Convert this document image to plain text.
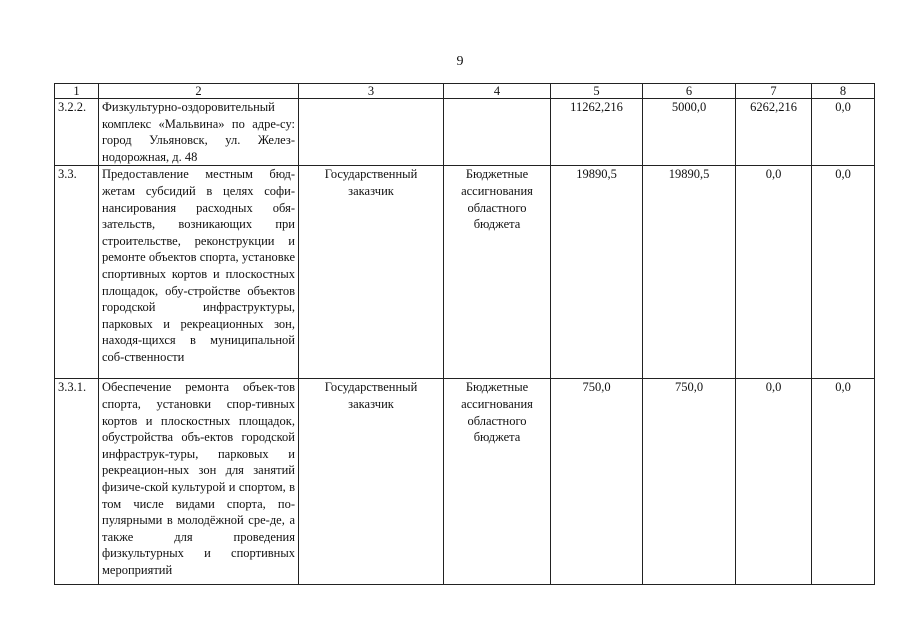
9
1	2	3	4	5	6	7	8
3.2.2.	Физкультурно-оздоровительный комплекс «Мальвина» по адре-су: город Ульяновск, ул. Желез-нодорожная, д. 48			11262,216	5000,0	6262,216	0,0
3.3.	Предоставление местным бюд-жетам субсидий в целях софи-нансирования расходных обя-зательств, возникающих при строительстве, реконструкции и ремонте объектов спорта, установке спортивных кортов и плоскостных площадок, обу-стройстве объектов городской инфраструктуры, парковых и рекреационных зон, находя-щихся в муниципальной соб-ственности	Государственный заказчик	Бюджетные ассигнования областного бюджета	19890,5	19890,5	0,0	0,0
3.3.1.	Обеспечение ремонта объек-тов спорта, установки спор-тивных кортов и плоскостных площадок, обустройства объ-ектов городской инфраструк-туры, парковых и рекреацион-ных зон для занятий физиче-ской культурой и спортом, в том числе видами спорта, по-пулярными в молодёжной сре-де, а также для проведения физкультурных и спортивных мероприятий	Государственный заказчик	Бюджетные ассигнования областного бюджета	750,0	750,0	0,0	0,0
